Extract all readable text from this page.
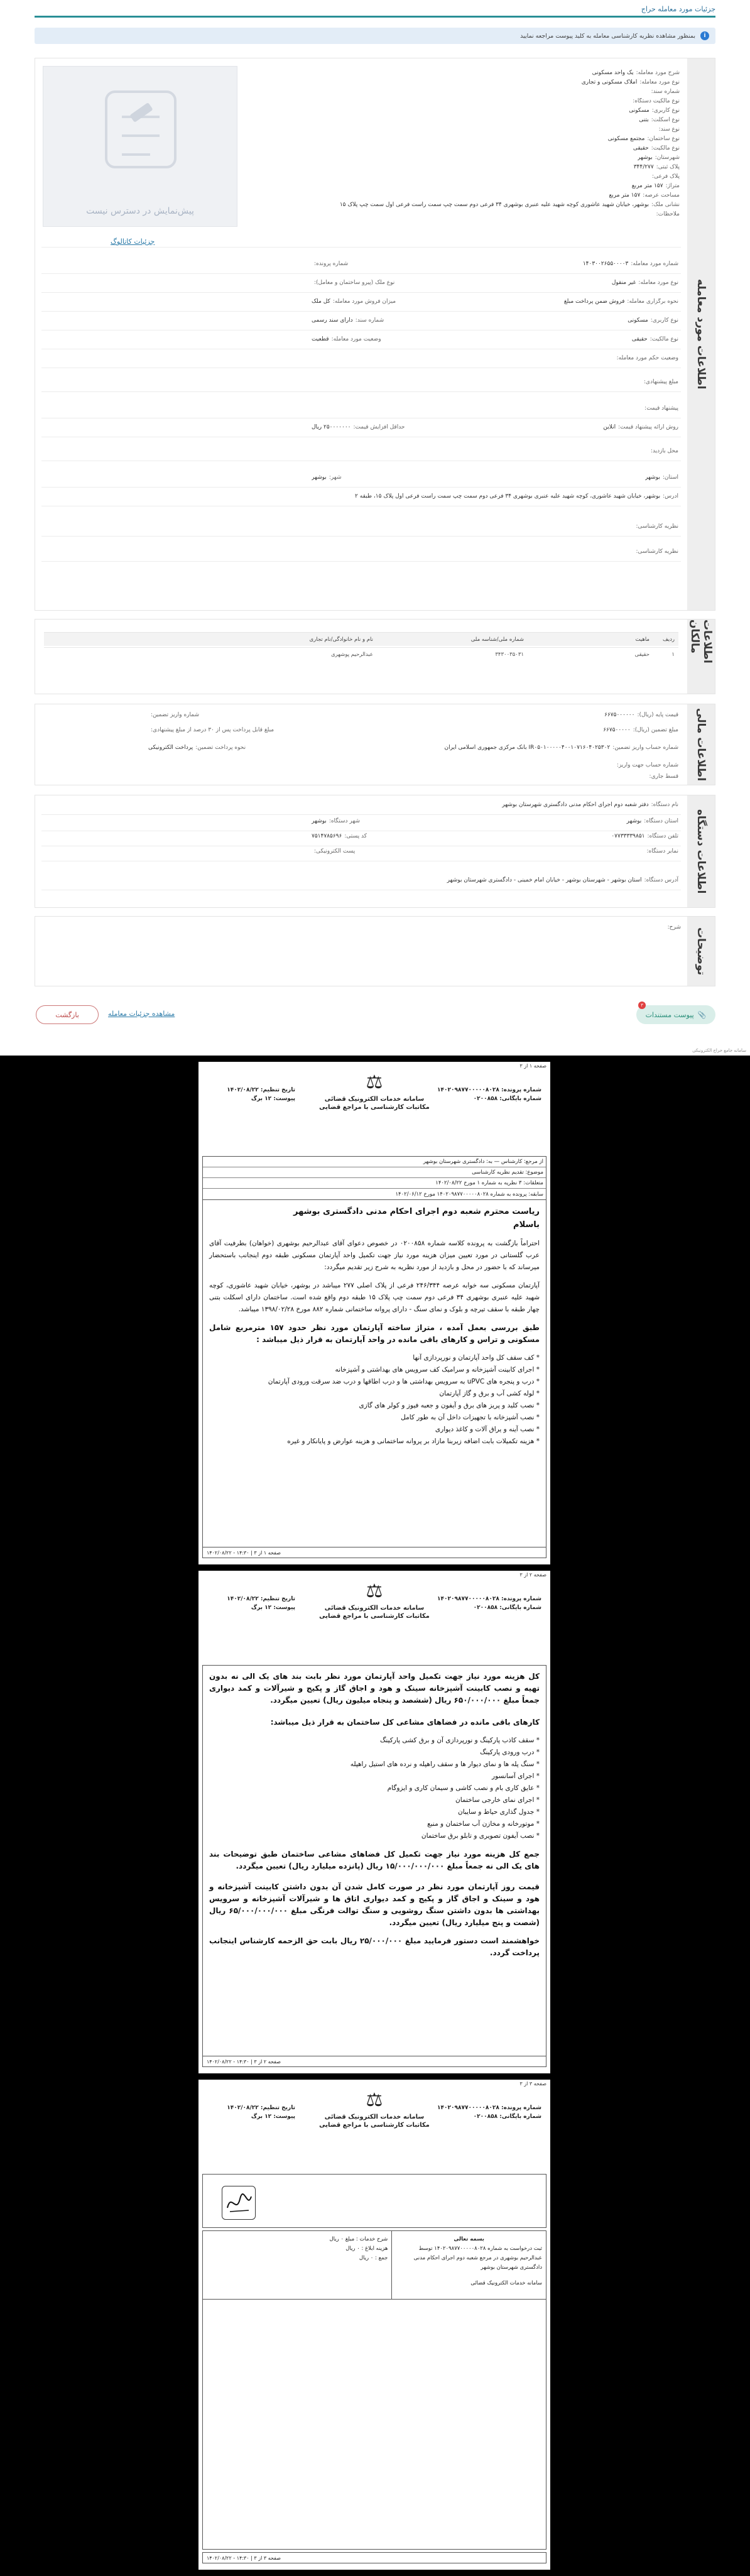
جزئیات مورد معامله حراج
i
بمنظور مشاهده نظریه کارشناسی معامله به کلید پیوست مراجعه نمایید
اطلاعات مورد معامله
پیش‌نمایش در دسترس نیست
جزئیات کاتالوگ
شرح مورد معامله:یک واحد مسکونی
نوع مورد معامله:املاک مسکونی و تجاری
شماره سند:
نوع مالکیت دستگاه:
نوع کاربری:مسکونی
نوع اسکلت:بتنی
نوع سند:
نوع ساختمان:مجتمع مسکونی
نوع مالکیت:حقیقی
شهرستان:بوشهر
پلاک ثبتی:۳۴۴/۲۷۷
پلاک فرعی:
متراژ:۱۵۷ متر مربع
مساحت عرصه:۱۵۷ متر مربع
نشانی ملک:بوشهر، خیابان شهید عاشوری کوچه شهید علیه عنبری بوشهری ۳۴ فرعی دوم سمت چپ سمت راست فرعی اول سمت چپ پلاک ۱۵
ملاحظات:
شماره مورد معامله:۱۴۰۳۰۰۲۶۵۵۰۰۰۰۳
شماره پرونده:
نوع مورد معامله:غیر منقول
نوع ملک (پیرو ساختمان و معامل):
نحوه برگزاری معامله:فروش ضمن پرداخت مبلغ
میزان فروش مورد معامله:کل ملک
نوع کاربری:مسکونی
شماره سند:دارای سند رسمی
نوع مالکیت:حقیقی
وضعیت مورد معامله:قطعیت
وضعیت حکم مورد معامله:
مبلغ پیشنهادی:
پیشنهاد قیمت:
روش ارائه پیشنهاد قیمت:آنلاین
حداقل افزایش قیمت:۲۵۰۰۰۰۰۰۰ ریال
محل بازدید:
استان:بوشهر
شهر:بوشهر
آدرس:بوشهر، خیابان شهید عاشوری، کوچه شهید علیه عنبری بوشهری ۳۴ فرعی دوم سمت چپ سمت راست فرعی اول پلاک ۱۵، طبقه ۲
نظریه کارشناسی:
نظریه کارشناسی:
اطلاعات مالکان
ردیف
ماهیت
شماره ملی/شناسه ملی
نام و نام خانوادگی/نام تجاری
۱
حقیقی
۳۴۳۰۰۳۵۰۳۱
عبدالرحیم پوشهری
اطلاعات مالی
قیمت پایه (ریال):۶۶۷۵۰۰۰۰۰۰
شماره واریز تضمین:
مبلغ تضمین (ریال):۶۶۷۵۰۰۰۰۰
مبلغ قابل پرداخت پس از ۳۰ درصد از مبلغ پیشنهادی:
شماره حساب واریز تضمین:IR۰۵۰۱۰۰۰۰۰۴۰۰۱۰۷۱۶۰۴۰۲۵۳۰۲ بانک مرکزی جمهوری اسلامی ایران
نحوه پرداخت تضمین:پرداخت الکترونیکی
شماره حساب جهت واریز:
قسط جاری:
اطلاعات دستگاه
نام دستگاه:دفتر شعبه دوم اجرای احکام مدنی دادگستری شهرستان بوشهر
استان دستگاه:بوشهر
شهر دستگاه:بوشهر
تلفن دستگاه:۰۷۷۳۳۳۳۹۸۵۱
کد پستی:۷۵۱۴۷۸۵۶۹۶
نمابر دستگاه:
پست الکترونیکی:
آدرس دستگاه:استان بوشهر - شهرستان بوشهر - خیابان امام خمینی - دادگستری شهرستان بوشهر
توضیحات
شرح:
بازگشت	مشاهده جزئیات معامله	پیوست مستندات 📎
۳
سامانه جامع حراج الکترونیکی
صفحه ۱ از ۳
⚖
سامانه خدمات الکترونیک قضائی
مکاتبات کارشناسی با مراجع قضایی
شماره پرونده: ۱۴۰۲۰۹۸۷۷۰۰۰۰۰۸۰۲۸
شماره بایگانی: ۰۲۰۰۸۵۸
تاریخ تنظیم: ۱۴۰۲/۰۸/۲۲
پیوست: ۱۲ برگ
از مرجع: کارشناس — به: دادگستری شهرستان بوشهر
موضوع: تقدیم نظریه کارشناسی
متعلقات: ۳ نظریه به شماره ۱ مورخ ۱۴۰۲/۰۸/۲۲
سابقه: پرونده به شماره ۱۴۰۲۰۹۸۷۷۰۰۰۰۰۸۰۲۸ مورخ ۱۴۰۲/۰۶/۱۲

ریاست محترم شعبه دوم اجرای احکام مدنی دادگستری بوشهر

باسلام

احتراماً بازگشت به پرونده کلاسه شماره ۰۲۰۰۸۵۸ در خصوص دعوای آقای عبدالرحیم بوشهری (خواهان) بطرفیت آقای عرب گلستانی در مورد تعیین میزان هزینه مورد نیاز جهت تکمیل واحد آپارتمان مسکونی طبقه دوم اینجانب باستحضار میرساند که با حضور در محل و بازدید از مورد نظریه به شرح زیر تقدیم میگردد:

آپارتمان مسکونی سه خوابه عرصه ۲۴۶/۳۴۴ فرعی از پلاک اصلی ۲۷۷ میباشد در بوشهر، خیابان شهید عاشوری، کوچه شهید علیه عنبری بوشهری ۳۴ فرعی دوم سمت چپ پلاک ۱۵ طبقه دوم واقع شده است. ساختمان دارای اسکلت بتنی چهار طبقه با سقف تیرچه و بلوک و نمای سنگ - دارای پروانه ساختمانی شماره ۸۸۲ مورخ ۱۳۹۸/۰۲/۲۸ میباشد.

طبق بررسی بعمل آمده ، متراژ ساخته آپارتمان مورد نظر حدود ۱۵۷ مترمربع شامل مسکونی و تراس و کارهای باقی مانده در واحد آپارتمان به قرار ذیل میباشد :

* کف سقف کل واحد آپارتمان و نورپردازی آنها
* اجرای کابینت آشپزخانه و سرامیک کف سرویس های بهداشتی و آشپزخانه
* درب و پنجره های uPVC به سرویس بهداشتی ها و درب اطاقها و درب ضد سرقت ورودی آپارتمان
* لوله کشی آب و برق و گاز آپارتمان
* نصب کلید و پریز های برق و آیفون و جعبه فیوز و کولر های گازی
* نصب آشپزخانه با تجهیزات داخل آن به طور کامل
* نصب آینه و یراق آلات و کاغذ دیواری
* هزینه تکمیلات بابت اضافه زیربنا مازاد بر پروانه ساختمانی و هزینه عوارض و پایانکار و غیره
۱۴۰۲/۰۸/۲۲ - ۱۴:۳۰ | صفحه ۱ از ۳
صفحه ۲ از ۳
⚖
سامانه خدمات الکترونیک قضائی
مکاتبات کارشناسی با مراجع قضایی
شماره پرونده: ۱۴۰۲۰۹۸۷۷۰۰۰۰۰۸۰۲۸
شماره بایگانی: ۰۲۰۰۸۵۸
تاریخ تنظیم: ۱۴۰۲/۰۸/۲۲
پیوست: ۱۲ برگ

کل هزینه مورد نیاز جهت تکمیل واحد آپارتمان مورد نظر بابت بند های یک الی نه بدون تهیه و نصب کابینت آشپزخانه سینک و هود و اجاق گاز و پکیج و شیرآلات و کمد دیواری جمعاً مبلغ ۶۵۰/۰۰۰/۰۰۰ ریال (ششصد و پنجاه میلیون ریال) تعیین میگردد.

کارهای باقی مانده در فضاهای مشاعی کل ساختمان به قرار ذیل میباشد:

* سقف کاذب پارکینگ و نورپردازی آن و برق کشی پارکینگ
* درب ورودی پارکینگ
* سنگ پله ها و نمای دیوار ها و سقف راهپله و نرده های استیل راهپله
* اجرای آسانسور
* عایق کاری بام و نصب کاشی و سیمان کاری و ایزوگام
* اجرای نمای خارجی ساختمان
* جدول گذاری حیاط و سایبان
* موتورخانه و مخازن آب ساختمان و منبع
* نصب آیفون تصویری و تابلو برق ساختمان

جمع کل هزینه مورد نیاز جهت تکمیل کل فضاهای مشاعی ساختمان طبق توضیحات بند های یک الی نه جمعاً مبلغ ۱۵/۰۰۰/۰۰۰/۰۰۰ ریال (پانزده میلیارد ریال) تعیین میگردد.

قیمت روز آپارتمان مورد نظر در صورت کامل شدن آن بدون داشتن کابینت آشپزخانه و هود و سینک و اجاق گاز و پکیج و کمد دیواری اتاق ها و شیرآلات آشپزخانه و سرویس بهداشتی ها بدون داشتن سنگ روشویی و سنگ توالت فرنگی مبلغ ۶۵/۰۰۰/۰۰۰/۰۰۰ ریال (شصت و پنج میلیارد ریال) تعیین میگردد.

خواهشمند است دستور فرمایید مبلغ ۲۵/۰۰۰/۰۰۰ ریال بابت حق الزحمه کارشناس اینجانب پرداخت گردد.

۱۴۰۲/۰۸/۲۲ - ۱۴:۳۰ | صفحه ۲ از ۳
صفحه ۳ از ۳
⚖
سامانه خدمات الکترونیک قضائی
مکاتبات کارشناسی با مراجع قضایی
شماره پرونده: ۱۴۰۲۰۹۸۷۷۰۰۰۰۰۸۰۲۸
شماره بایگانی: ۰۲۰۰۸۵۸
تاریخ تنظیم: ۱۴۰۲/۰۸/۲۲
پیوست: ۱۲ برگ
بسمه تعالی
ثبت درخواست به شماره ۱۴۰۲۰۹۸۷۷۰۰۰۰۰۸۰۲۸ توسط عبدالرحیم بوشهری در مرجع شعبه دوم اجرای احکام مدنی دادگستری شهرستان بوشهر
سامانه خدمات الکترونیک قضائی
شرح خدمات : مبلغ ۰ ریال
هزینه ابلاغ : ۰ ریال
جمع : ۰ ریال
۱۴۰۲/۰۸/۲۲ - ۱۴:۳۰ | صفحه ۳ از ۳
